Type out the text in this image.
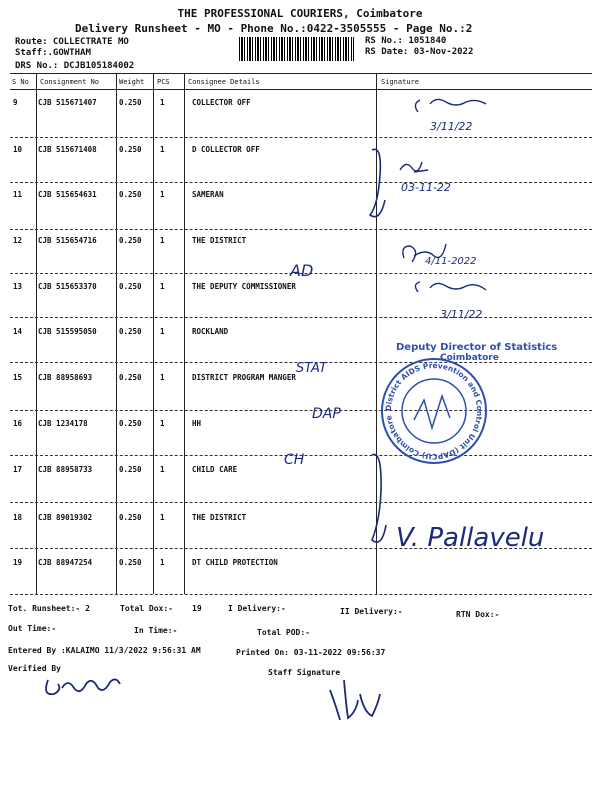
THE PROFESSIONAL COURIERS, Coimbatore
Delivery Runsheet - MO - Phone No.:0422-3505555 - Page No.:2
Route: COLLECTRATE MO
Staff:.GOWTHAM
DRS No.: DCJB105184002
RS No.: 1051840
RS Date: 03-Nov-2022
S No Consignment No	Weight PCS	Consignee Details	Signature
9	CJB 515671407	0.250 1	COLLECTOR OFF
10 CJB 515671408	0.250 1	D COLLECTOR OFF
11 CJB 515654631	0.250 1	SAMERAN
12 CJB 515654716	0.250 1	THE DISTRICT
13 CJB 515653370	0.250 1	THE DEPUTY COMMISSIONER
14 CJB 515595050	0.250 1	ROCKLAND
15 CJB 88958693	0.250 1	DISTRICT PROGRAM MANGER
16 CJB 1234178	0.250 1	HH
17 CJB 88958733	0.250 1	CHILD CARE
18 CJB 89019302	0.250 1	THE DISTRICT
19 CJB 88947254	0.250 1	DT CHILD PROTECTION
3/11/22
03-11-22
4/11-2022
AD
3/11/22
Deputy Director of Statistics
Coimbatore
STAT
DAP
CH
District AIDS Prevention and Control Unit (DAPCU) Coimbatore
V. Pallavelu
Tot. Runsheet:- 2	Total Dox:- 19	I Delivery:-	II Delivery:-	RTN Dox:-
Out Time:-	In Time:-	Total POD:-
Entered By :KALAIMO 11/3/2022 9:56:31 AM	Printed On: 03-11-2022 09:56:37
Verified By	Staff Signature
